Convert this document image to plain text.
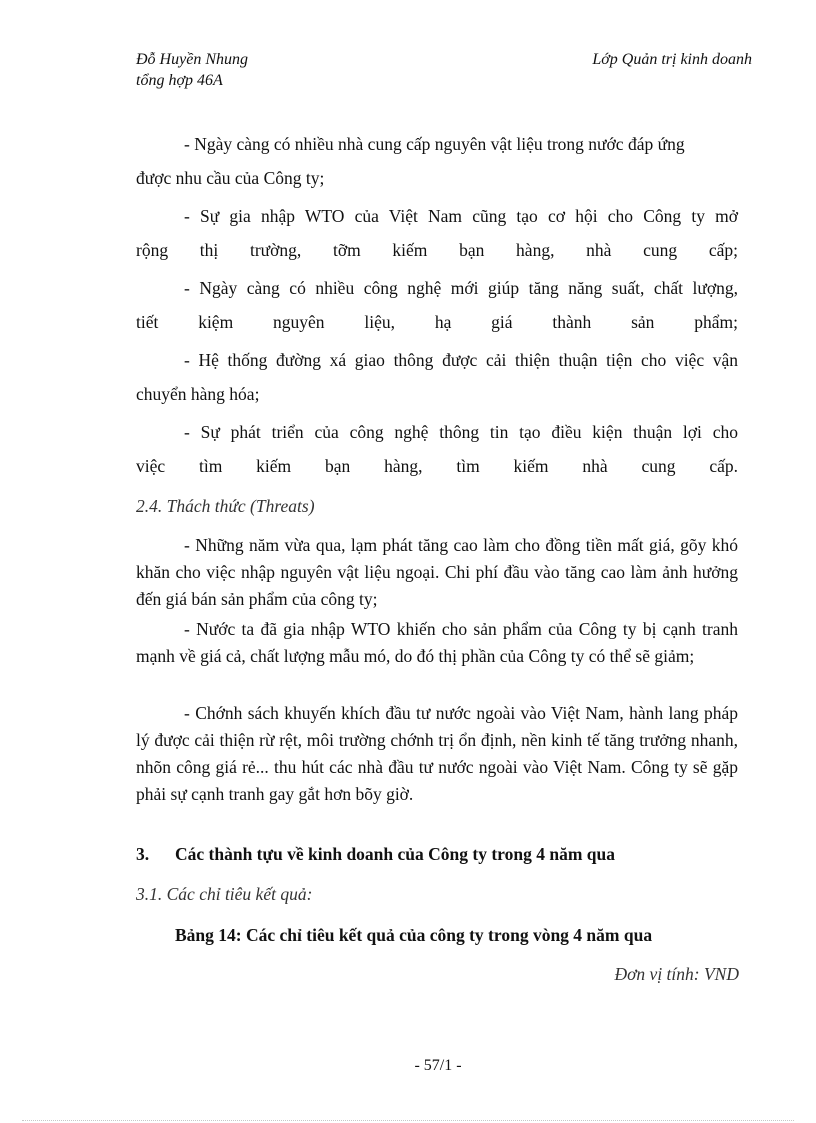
Đỗ Huyền Nhung
tổng hợp 46A
Lớp Quản trị kinh doanh
- Ngày càng có nhiều nhà cung cấp nguyên vật liệu trong nước đáp ứng
được nhu cầu của Công ty;
- Sự gia nhập WTO của Việt Nam cũng tạo cơ hội cho Công ty mở
rộng thị trường, tỡm kiếm bạn hàng, nhà cung cấp;
- Ngày càng có nhiều công nghệ mới giúp tăng năng suất, chất lượng,
tiết kiệm nguyên liệu, hạ giá thành sản phẩm;
- Hệ thống đường xá giao thông được cải thiện thuận tiện cho việc vận
chuyển hàng hóa;
- Sự phát triển của công nghệ thông tin tạo điều kiện thuận lợi cho
việc tìm kiếm bạn hàng, tìm kiếm nhà cung cấp.
2.4. Thách thức (Threats)
- Những năm vừa qua, lạm phát tăng cao làm cho đồng tiền mất giá, gõy khó khăn cho việc nhập nguyên vật liệu ngoại. Chi phí đầu vào tăng cao làm ảnh hưởng đến giá bán sản phẩm của công ty;
- Nước ta đã gia nhập WTO khiến cho sản phẩm của Công ty bị cạnh tranh mạnh về giá cả, chất lượng mẫu mó, do đó thị phần của Công ty có thể sẽ giảm;
- Chớnh sách khuyến khích đầu tư nước ngoài vào Việt Nam, hành lang pháp lý được cải thiện rừ rệt, môi trường chớnh trị ổn định, nền kinh tế tăng trưởng nhanh, nhõn công giá rẻ... thu hút các nhà đầu tư nước ngoài vào Việt Nam. Công ty sẽ gặp phải sự cạnh tranh gay gắt hơn bõy giờ.
3. Các thành tựu về kinh doanh của Công ty trong 4 năm qua
3.1. Các chỉ tiêu kết quả:
Bảng 14: Các chỉ tiêu kết quả của công ty trong vòng 4 năm qua
Đơn vị tính: VND
- 57/1 -
